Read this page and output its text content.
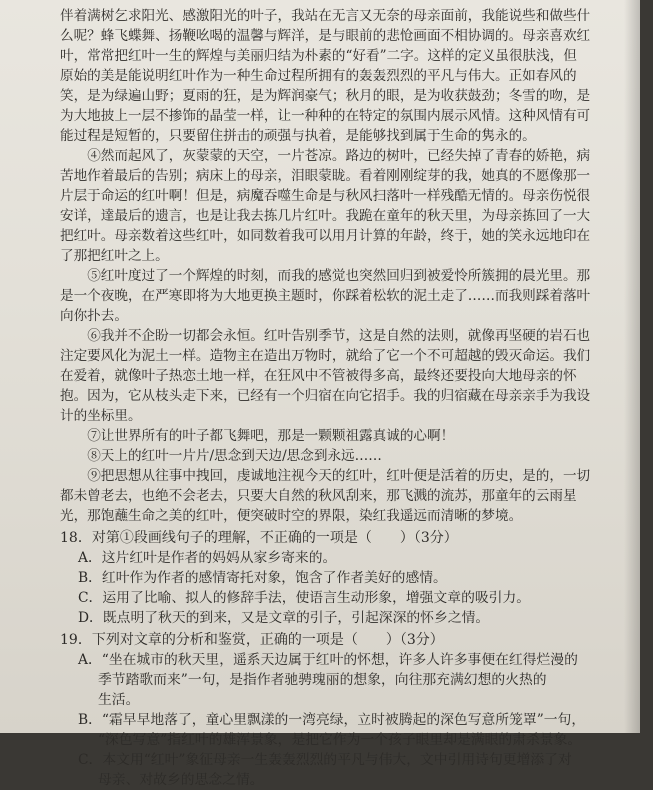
伴着满树乞求阳光、感激阳光的叶子，我站在无言又无奈的母亲面前，我能说些和做些什

么呢？蜂飞蝶舞、扬鞭吆喝的温馨与辉洋，是与眼前的悲怆画面不相协调的。母亲喜欢红

叶，常常把红叶一生的辉煌与美丽归结为朴素的“好看”二字。这样的定义虽很肤浅，但

原始的美是能说明红叶作为一种生命过程所拥有的轰轰烈烈的平凡与伟大。正如春风的

笑，是为绿遍山野；夏雨的狂，是为辉润豪气；秋月的眼，是为收获鼓劲；冬雪的吻，是

为大地披上一层不掺饰的晶莹一样，让一种种的在特定的氛围内展示风情。这种风情有可

能过程是短暂的，只要留住拼击的顽强与执着，是能够找到属于生命的隽永的。

④然而起风了，灰蒙蒙的天空，一片苍凉。路边的树叶，已经失掉了青春的娇艳，病

苦地作着最后的告别；病床上的母亲，泪眼蒙眬。看着刚刚绽芽的我，她真的不愿像那一

片层于命运的红叶啊！但是，病魔吞噬生命是与秋风扫落叶一样残酷无情的。母亲伤悦很

安详，達最后的遗言，也是让我去拣几片红叶。我跪在童年的秋天里，为母亲拣回了一大

把红叶。母亲数着这些红叶，如同数着我可以用月计算的年龄，终于，她的笑永远地印在

了那把红叶之上。

⑤红叶度过了一个辉煌的时刻，而我的感觉也突然回归到被爱怜所簇拥的晨光里。那

是一个夜晚，在严寒即将为大地更换主题时，你踩着松软的泥土走了……而我则踩着落叶

向你扑去。

⑥我并不企盼一切都会永恒。红叶告别季节，这是自然的法则，就像再坚硬的岩石也

注定要风化为泥土一样。造物主在造出万物时，就给了它一个不可超越的毁灭命运。我们

在爱着，就像叶子热恋土地一样，在狂风中不管被得多高，最终还要投向大地母亲的怀

抱。因为，它从枝头走下来，已经有一个归宿在向它招手。我的归宿藏在母亲亲手为我设

计的坐标里。

⑦让世界所有的叶子都飞舞吧，那是一颗颗祖露真诚的心啊！

⑧天上的红叶一片片/思念到天边/思念到永远……

⑨把思想从往事中拽回，虔诚地注视今天的红叶，红叶便是活着的历史，是的，一切

都未曾老去，也绝不会老去，只要大自然的秋风刮来，那飞溅的流苏，那童年的云雨星

光，那饱蘸生命之美的红叶，便突破时空的界限，染红我遥远而清晰的梦境。

18．对第①段画线句子的理解，不正确的一项是（　　）（3分）

A．这片红叶是作者的妈妈从家乡寄来的。

B．红叶作为作者的感情寄托对象，饱含了作者美好的感情。

C．运用了比喻、拟人的修辞手法，使语言生动形象，增强文章的吸引力。

D．既点明了秋天的到来，又是文章的引子，引起深深的怀乡之情。

19．下列对文章的分析和鉴赏，正确的一项是（　　）（3分）

A．“坐在城市的秋天里，遥系天边属于红叶的怀想，许多人许多事便在红得烂漫的

季节踏歌而来”一句，是指作者驰骋瑰丽的想象，向往那充满幻想的火热的

生活。

B．“霜早早地落了，童心里飘漾的一湾亮绿，立时被腾起的深色写意所笼罩”一句，

“深色写意”指红叶的雄浑景象，是把它作为一个孩子眼里却是满眼的肃杀景象。

C．本文用“红叶”象征母亲一生轰轰烈烈的平凡与伟大，文中引用诗句更增添了对

母亲、对故乡的思念之情。
